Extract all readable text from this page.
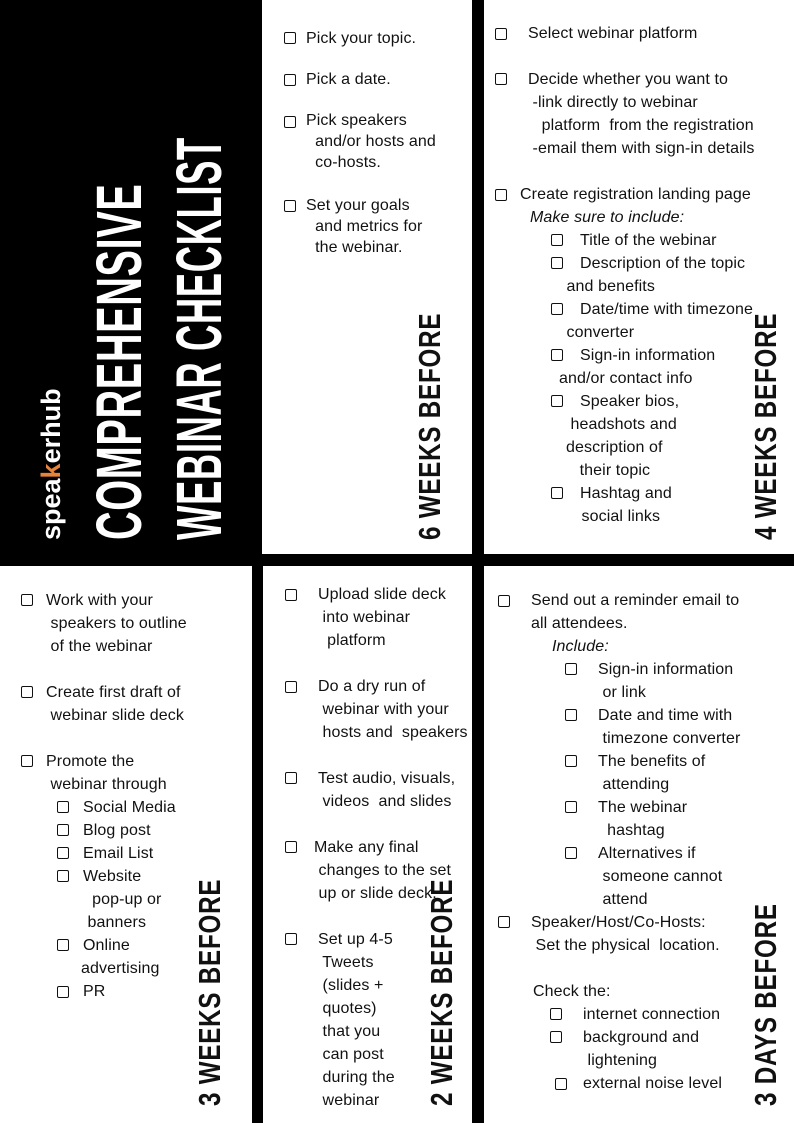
COMPREHENSIVE WEBINAR CHECKLIST
speakerhub
Pick your topic.
Pick a date.
Pick speakers
and/or hosts and
co-hosts.
Set your goals
and metrics for
the webinar.
6 WEEKS BEFORE
Select webinar platform
Decide whether you want to
-link directly to webinar
platform  from the registration
-email them with sign-in details
Create registration landing page
Make sure to include:
Title of the webinar
Description of the topic
and benefits
Date/time with timezone
converter
Sign-in information
and/or contact info
Speaker bios,
headshots and
description of
their topic
Hashtag and
social links	4 WEEKS BEFORE
Work with your
speakers to outline
of the webinar
Create first draft of
webinar slide deck
Promote the
webinar through
Social Media
Blog post
Email List
Website
pop-up or
banners
Online
advertising
PR	3 WEEKS BEFORE
Upload slide deck
into webinar
platform
Do a dry run of
webinar with your
hosts and  speakers
Test audio, visuals,
videos  and slides
Make any final
changes to the set
up or slide deck.
Set up 4-5
Tweets
(slides +
quotes)
that you
can post
during the
webinar	2 WEEKS BEFORE
Send out a reminder email to
all attendees.
Include:
Sign-in information
or link
Date and time with
timezone converter
The benefits of
attending
The webinar
hashtag
Alternatives if
someone cannot
attend
Speaker/Host/Co-Hosts:
Set the physical  location.
Check the:
internet connection
background and
lightening
external noise level 3 DAYS BEFORE
